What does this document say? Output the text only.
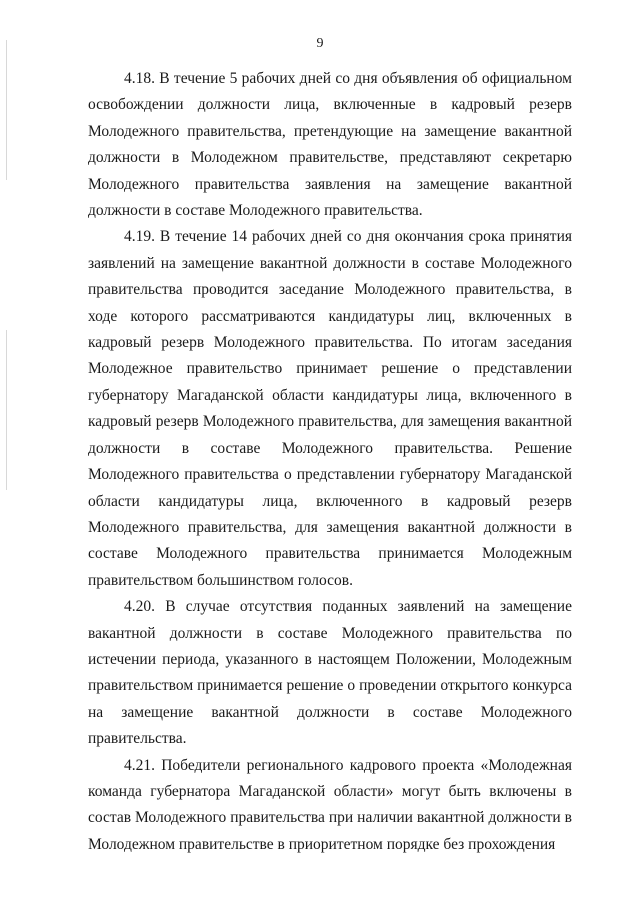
9

4.18. В течение 5 рабочих дней со дня объявления об официальном освобождении должности лица, включенные в кадровый резерв Молодежного правительства, претендующие на замещение вакантной должности в Молодежном правительстве, представляют секретарю Молодежного правительства заявления на замещение вакантной должности в составе Молодежного правительства.

4.19. В течение 14 рабочих дней со дня окончания срока принятия заявлений на замещение вакантной должности в составе Молодежного правительства проводится заседание Молодежного правительства, в ходе которого рассматриваются кандидатуры лиц, включенных в кадровый резерв Молодежного правительства. По итогам заседания Молодежное правительство принимает решение о представлении губернатору Магаданской области кандидатуры лица, включенного в кадровый резерв Молодежного правительства, для замещения вакантной должности в составе Молодежного правительства. Решение Молодежного правительства о представлении губернатору Магаданской области кандидатуры лица, включенного в кадровый резерв Молодежного правительства, для замещения вакантной должности в составе Молодежного правительства принимается Молодежным правительством большинством голосов.

4.20. В случае отсутствия поданных заявлений на замещение вакантной должности в составе Молодежного правительства по истечении периода, указанного в настоящем Положении, Молодежным правительством принимается решение о проведении открытого конкурса на замещение вакантной должности в составе Молодежного правительства.

4.21. Победители регионального кадрового проекта «Молодежная команда губернатора Магаданской области» могут быть включены в состав Молодежного правительства при наличии вакантной должности в Молодежном правительстве в приоритетном порядке без прохождения
